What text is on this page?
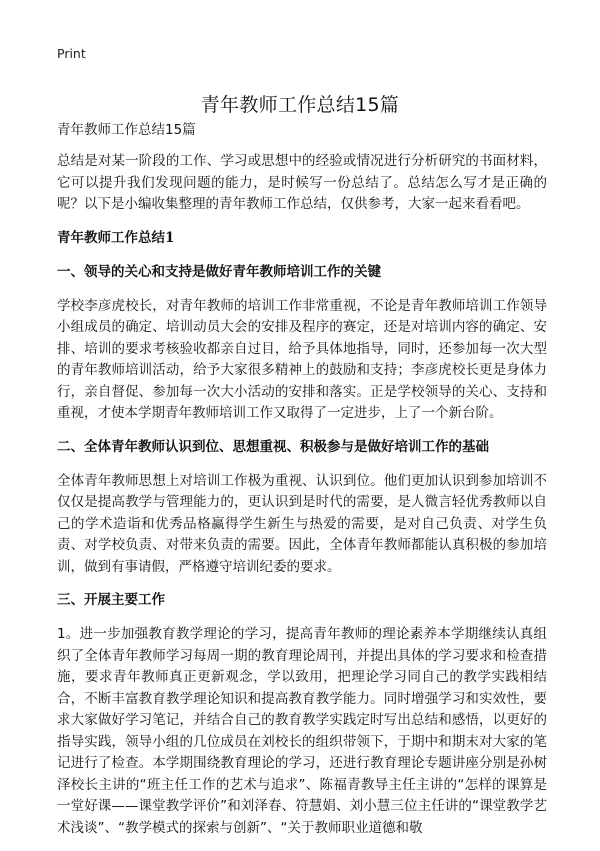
Print
青年教师工作总结15篇
青年教师工作总结15篇

总结是对某一阶段的工作、学习或思想中的经验或情况进行分析研究的书面材料，它可以提升我们发现问题的能力，是时候写一份总结了。总结怎么写才是正确的呢？以下是小编收集整理的青年教师工作总结，仅供参考，大家一起来看看吧。

青年教师工作总结1
一、领导的关心和支持是做好青年教师培训工作的关键

学校李彦虎校长，对青年教师的培训工作非常重视，不论是青年教师培训工作领导小组成员的确定、培训动员大会的安排及程序的赛定，还是对培训内容的确定、安排、培训的要求考核验收都亲自过目，给予具体地指导，同时，还参加每一次大型的青年教师培训活动，给予大家很多精神上的鼓励和支持；李彦虎校长更是身体力行，亲自督促、参加每一次大小活动的安排和落实。正是学校领导的关心、支持和重视，才使本学期青年教师培训工作又取得了一定进步，上了一个新台阶。

二、全体青年教师认识到位、思想重视、积极参与是做好培训工作的基础

全体青年教师思想上对培训工作极为重视、认识到位。他们更加认识到参加培训不仅仅是提高教学与管理能力的，更认识到是时代的需要，是人微言轻优秀教师以自己的学术造诣和优秀品格赢得学生新生与热爱的需要，是对自己负责、对学生负责、对学校负责、对带来负责的需要。因此，全体青年教师都能认真积极的参加培训，做到有事请假，严格遵守培训纪委的要求。

三、开展主要工作

1。进一步加强教育教学理论的学习，提高青年教师的理论素养本学期继续认真组织了全体青年教师学习每周一期的教育理论周刊，并提出具体的学习要求和检查措施，要求青年教师真正更新观念，学以致用，把理论学习同自己的教学实践相结合，不断丰富教育教学理论知识和提高教育教学能力。同时增强学习和实效性，要求大家做好学习笔记，并结合自己的教育教学实践定时写出总结和感悟，以更好的指导实践，领导小组的几位成员在刘校长的组织带领下，于期中和期末对大家的笔记进行了检查。本学期围绕教育理论的学习，还进行教育理论专题讲座分别是孙树泽校长主讲的“班主任工作的艺术与追求”、陈福青教导主任主讲的“怎样的课算是一堂好课——课堂教学评价”和刘泽春、符慧娟、刘小慧三位主任讲的“课堂教学艺术浅谈”、“教学模式的探索与创新”、“关于教师职业道德和敬
